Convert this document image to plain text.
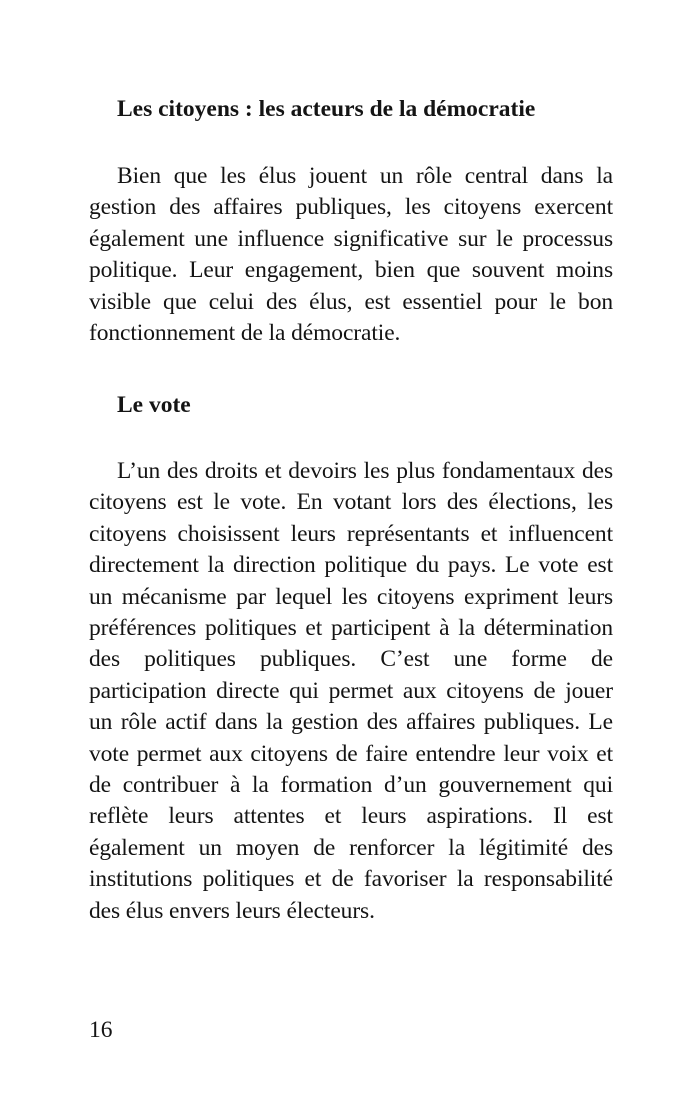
Les citoyens : les acteurs de la démocratie

Bien que les élus jouent un rôle central dans la gestion des affaires publiques, les citoyens exercent également une influence significative sur le processus politique. Leur engagement, bien que souvent moins visible que celui des élus, est essentiel pour le bon fonctionnement de la démocratie.

Le vote

L’un des droits et devoirs les plus fondamentaux des citoyens est le vote. En votant lors des élections, les citoyens choisissent leurs représentants et influencent directement la direction politique du pays. Le vote est un mécanisme par lequel les citoyens expriment leurs préférences politiques et participent à la détermination des politiques publiques. C’est une forme de participation directe qui permet aux citoyens de jouer un rôle actif dans la gestion des affaires publiques. Le vote permet aux citoyens de faire entendre leur voix et de contribuer à la formation d’un gouvernement qui reflète leurs attentes et leurs aspirations. Il est également un moyen de renforcer la légitimité des institutions politiques et de favoriser la responsabilité des élus envers leurs électeurs.

16
